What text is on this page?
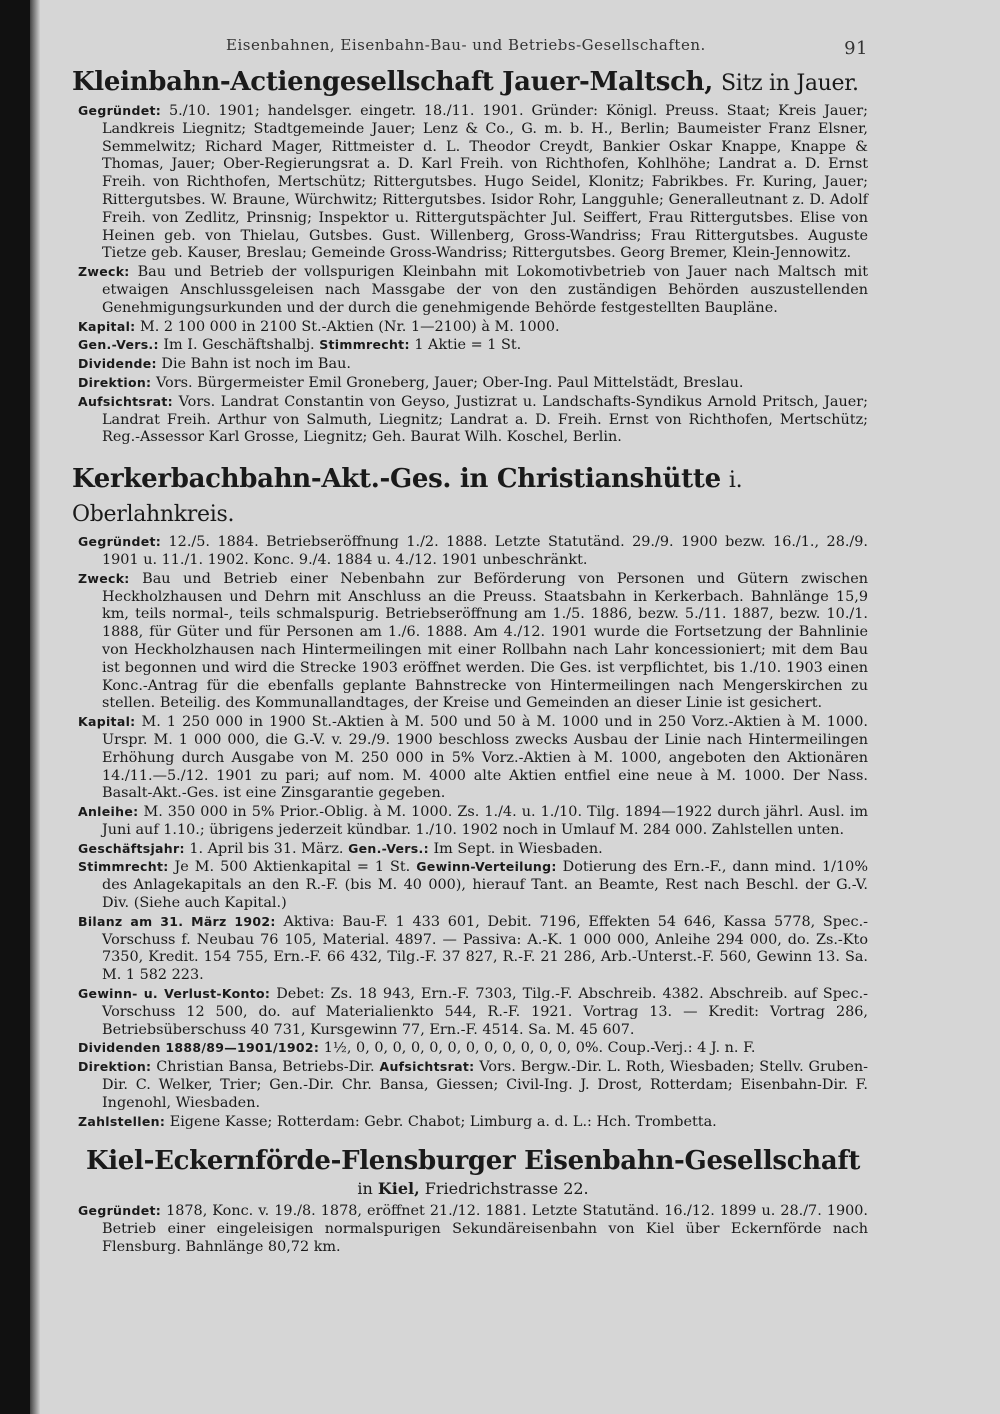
Eisenbahnen, Eisenbahn-Bau- und Betriebs-Gesellschaften.	91
Kleinbahn-Actiengesellschaft Jauer-Maltsch, Sitz in Jauer.

Gegründet: 5./10. 1901; handelsger. eingetr. 18./11. 1901. Gründer: Königl. Preuss. Staat; Kreis Jauer; Landkreis Liegnitz; Stadtgemeinde Jauer; Lenz & Co., G. m. b. H., Berlin; Baumeister Franz Elsner, Semmelwitz; Richard Mager, Rittmeister d. L. Theodor Creydt, Bankier Oskar Knappe, Knappe & Thomas, Jauer; Ober-Regierungsrat a. D. Karl Freih. von Richthofen, Kohlhöhe; Landrat a. D. Ernst Freih. von Richthofen, Mertschütz; Rittergutsbes. Hugo Seidel, Klonitz; Fabrikbes. Fr. Kuring, Jauer; Rittergutsbes. W. Braune, Würchwitz; Rittergutsbes. Isidor Rohr, Langguhle; Generalleutnant z. D. Adolf Freih. von Zedlitz, Prinsnig; Inspektor u. Rittergutspächter Jul. Seiffert, Frau Rittergutsbes. Elise von Heinen geb. von Thielau, Gutsbes. Gust. Willenberg, Gross-Wandriss; Frau Rittergutsbes. Auguste Tietze geb. Kauser, Breslau; Gemeinde Gross-Wandriss; Rittergutsbes. Georg Bremer, Klein-Jennowitz.

Zweck: Bau und Betrieb der vollspurigen Kleinbahn mit Lokomotivbetrieb von Jauer nach Maltsch mit etwaigen Anschlussgeleisen nach Massgabe der von den zuständigen Behörden auszustellenden Genehmigungsurkunden und der durch die genehmigende Behörde festgestellten Baupläne.

Kapital: M. 2 100 000 in 2100 St.-Aktien (Nr. 1—2100) à M. 1000.

Gen.-Vers.: Im I. Geschäftshalbj. Stimmrecht: 1 Aktie = 1 St.

Dividende: Die Bahn ist noch im Bau.

Direktion: Vors. Bürgermeister Emil Groneberg, Jauer; Ober-Ing. Paul Mittelstädt, Breslau.

Aufsichtsrat: Vors. Landrat Constantin von Geyso, Justizrat u. Landschafts-Syndikus Arnold Pritsch, Jauer; Landrat Freih. Arthur von Salmuth, Liegnitz; Landrat a. D. Freih. Ernst von Richthofen, Mertschütz; Reg.-Assessor Karl Grosse, Liegnitz; Geh. Baurat Wilh. Koschel, Berlin.

Kerkerbachbahn-Akt.-Ges. in Christianshütte i. Oberlahnkreis.

Gegründet: 12./5. 1884. Betriebseröffnung 1./2. 1888. Letzte Statutänd. 29./9. 1900 bezw. 16./1., 28./9. 1901 u. 11./1. 1902. Konc. 9./4. 1884 u. 4./12. 1901 unbeschränkt.

Zweck: Bau und Betrieb einer Nebenbahn zur Beförderung von Personen und Gütern zwischen Heckholzhausen und Dehrn mit Anschluss an die Preuss. Staatsbahn in Kerkerbach. Bahnlänge 15,9 km, teils normal-, teils schmalspurig. Betriebseröffnung am 1./5. 1886, bezw. 5./11. 1887, bezw. 10./1. 1888, für Güter und für Personen am 1./6. 1888. Am 4./12. 1901 wurde die Fortsetzung der Bahnlinie von Heckholzhausen nach Hintermeilingen mit einer Rollbahn nach Lahr koncessioniert; mit dem Bau ist begonnen und wird die Strecke 1903 eröffnet werden. Die Ges. ist verpflichtet, bis 1./10. 1903 einen Konc.-Antrag für die ebenfalls geplante Bahnstrecke von Hintermeilingen nach Mengerskirchen zu stellen. Beteilig. des Kommunallandtages, der Kreise und Gemeinden an dieser Linie ist gesichert.

Kapital: M. 1 250 000 in 1900 St.-Aktien à M. 500 und 50 à M. 1000 und in 250 Vorz.-Aktien à M. 1000. Urspr. M. 1 000 000, die G.-V. v. 29./9. 1900 beschloss zwecks Ausbau der Linie nach Hintermeilingen Erhöhung durch Ausgabe von M. 250 000 in 5% Vorz.-Aktien à M. 1000, angeboten den Aktionären 14./11.—5./12. 1901 zu pari; auf nom. M. 4000 alte Aktien entfiel eine neue à M. 1000. Der Nass. Basalt-Akt.-Ges. ist eine Zinsgarantie gegeben.

Anleihe: M. 350 000 in 5% Prior.-Oblig. à M. 1000. Zs. 1./4. u. 1./10. Tilg. 1894—1922 durch jährl. Ausl. im Juni auf 1.10.; übrigens jederzeit kündbar. 1./10. 1902 noch in Umlauf M. 284 000. Zahlstellen unten.

Geschäftsjahr: 1. April bis 31. März. Gen.-Vers.: Im Sept. in Wiesbaden.

Stimmrecht: Je M. 500 Aktienkapital = 1 St. Gewinn-Verteilung: Dotierung des Ern.-F., dann mind. 1/10% des Anlagekapitals an den R.-F. (bis M. 40 000), hierauf Tant. an Beamte, Rest nach Beschl. der G.-V. Div. (Siehe auch Kapital.)

Bilanz am 31. März 1902: Aktiva: Bau-F. 1 433 601, Debit. 7196, Effekten 54 646, Kassa 5778, Spec.-Vorschuss f. Neubau 76 105, Material. 4897. — Passiva: A.-K. 1 000 000, Anleihe 294 000, do. Zs.-Kto 7350, Kredit. 154 755, Ern.-F. 66 432, Tilg.-F. 37 827, R.-F. 21 286, Arb.-Unterst.-F. 560, Gewinn 13. Sa. M. 1 582 223.

Gewinn- u. Verlust-Konto: Debet: Zs. 18 943, Ern.-F. 7303, Tilg.-F. Abschreib. 4382. Abschreib. auf Spec.-Vorschuss 12 500, do. auf Materialienkto 544, R.-F. 1921. Vortrag 13. — Kredit: Vortrag 286, Betriebsüberschuss 40 731, Kursgewinn 77, Ern.-F. 4514. Sa. M. 45 607.

Dividenden 1888/89—1901/1902: 1½, 0, 0, 0, 0, 0, 0, 0, 0, 0, 0, 0, 0, 0%. Coup.-Verj.: 4 J. n. F.

Direktion: Christian Bansa, Betriebs-Dir. Aufsichtsrat: Vors. Bergw.-Dir. L. Roth, Wiesbaden; Stellv. Gruben-Dir. C. Welker, Trier; Gen.-Dir. Chr. Bansa, Giessen; Civil-Ing. J. Drost, Rotterdam; Eisenbahn-Dir. F. Ingenohl, Wiesbaden.

Zahlstellen: Eigene Kasse; Rotterdam: Gebr. Chabot; Limburg a. d. L.: Hch. Trombetta.

Kiel-Eckernförde-Flensburger Eisenbahn-Gesellschaft
in Kiel, Friedrichstrasse 22.

Gegründet: 1878, Konc. v. 19./8. 1878, eröffnet 21./12. 1881. Letzte Statutänd. 16./12. 1899 u. 28./7. 1900. Betrieb einer eingeleisigen normalspurigen Sekundäreisenbahn von Kiel über Eckernförde nach Flensburg. Bahnlänge 80,72 km.
